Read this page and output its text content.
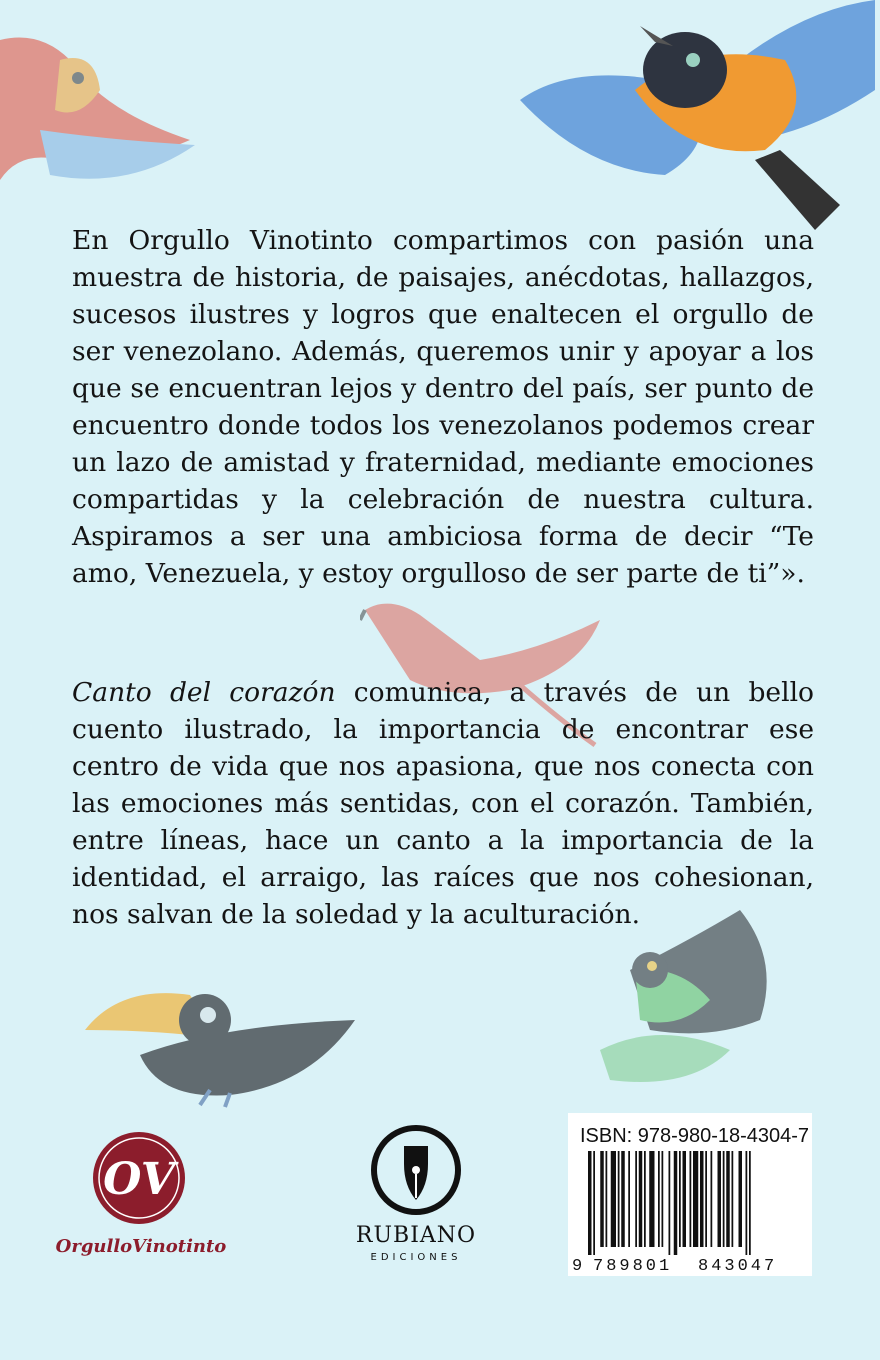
En Orgullo Vinotinto compartimos con pasión una muestra de historia, de paisajes, anécdotas, hallazgos, sucesos ilustres y logros que enaltecen el orgullo de ser venezolano. Además, queremos unir y apoyar a los que se encuentran lejos y dentro del país, ser punto de encuentro donde todos los venezolanos podemos crear un lazo de amistad y fraternidad, mediante emociones compartidas y la celebración de nuestra cultura. Aspiramos a ser una ambiciosa forma de decir “Te amo, Venezuela, y estoy orgulloso de ser parte de ti”».
Canto del corazón comunica, a través de un bello cuento ilustrado, la importancia de encontrar ese centro de vida que nos apasiona, que nos conecta con las emociones más sentidas, con el corazón. También, entre líneas, hace un canto a la importancia de la identidad, el arraigo, las raíces que nos cohesionan, nos salvan de la soledad y la aculturación.
OV
OrgulloVinotinto	RUBIANO
EDICIONES
ISBN: 978-980-18-4304-7
9 789801 843047
